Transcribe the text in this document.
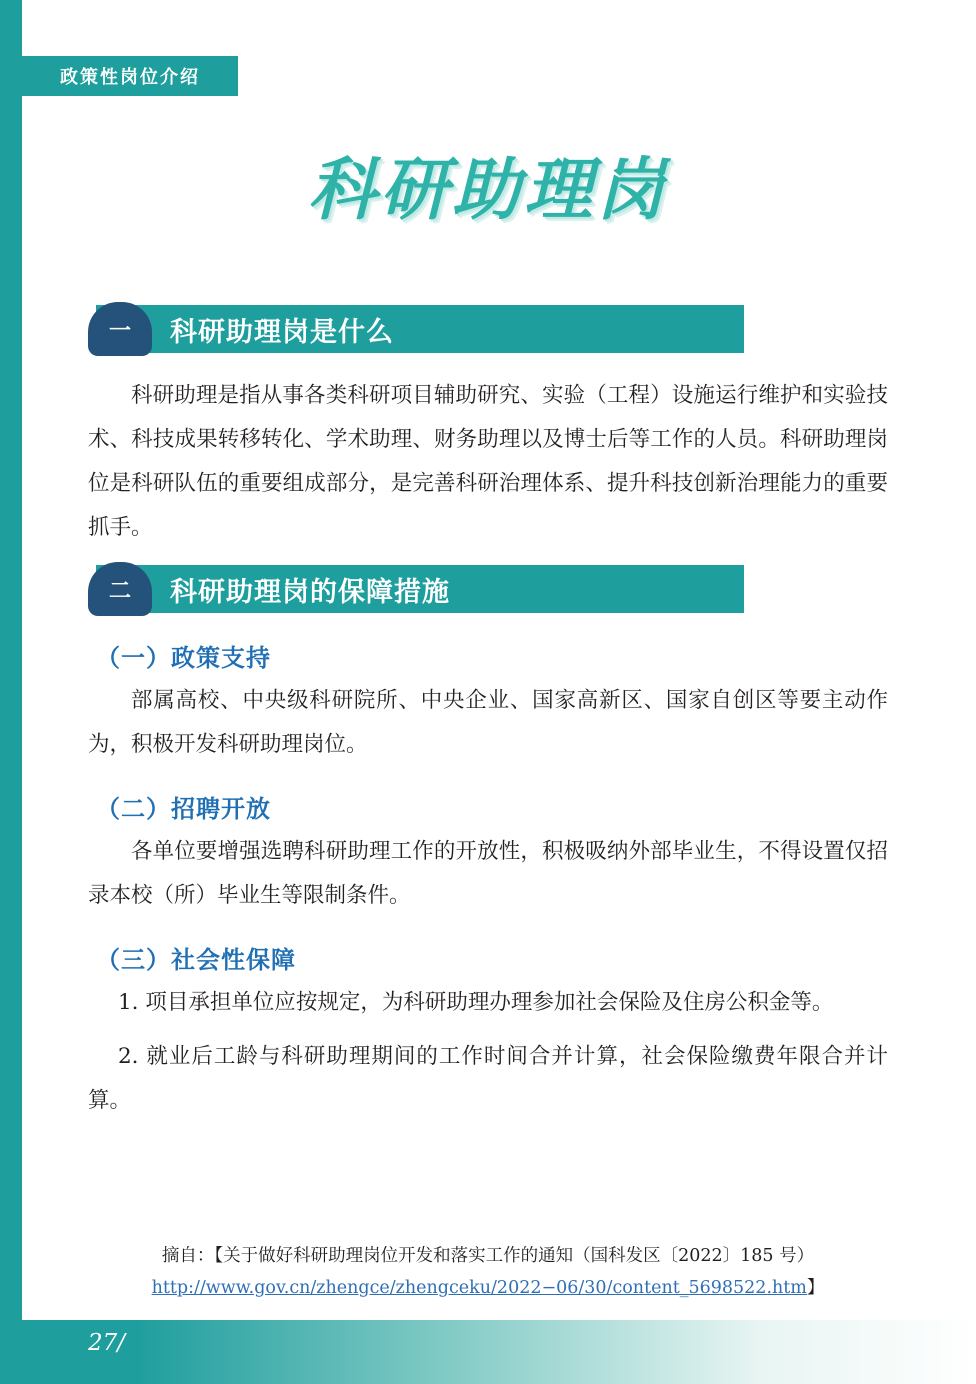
政策性岗位介绍
科研助理岗
一	科研助理岗是什么

科研助理是指从事各类科研项目辅助研究、实验（工程）设施运行维护和实验技术、科技成果转移转化、学术助理、财务助理以及博士后等工作的人员。科研助理岗位是科研队伍的重要组成部分，是完善科研治理体系、提升科技创新治理能力的重要抓手。

二	科研助理岗的保障措施
（一）政策支持

部属高校、中央级科研院所、中央企业、国家高新区、国家自创区等要主动作为，积极开发科研助理岗位。

（二）招聘开放

各单位要增强选聘科研助理工作的开放性，积极吸纳外部毕业生，不得设置仅招录本校（所）毕业生等限制条件。

（三）社会性保障

1. 项目承担单位应按规定，为科研助理办理参加社会保险及住房公积金等。

2. 就业后工龄与科研助理期间的工作时间合并计算，社会保险缴费年限合并计算。

摘自：【关于做好科研助理岗位开发和落实工作的通知（国科发区〔2022〕185 号）
http://www.gov.cn/zhengce/zhengceku/2022−06/30/content_5698522.htm】
27/
